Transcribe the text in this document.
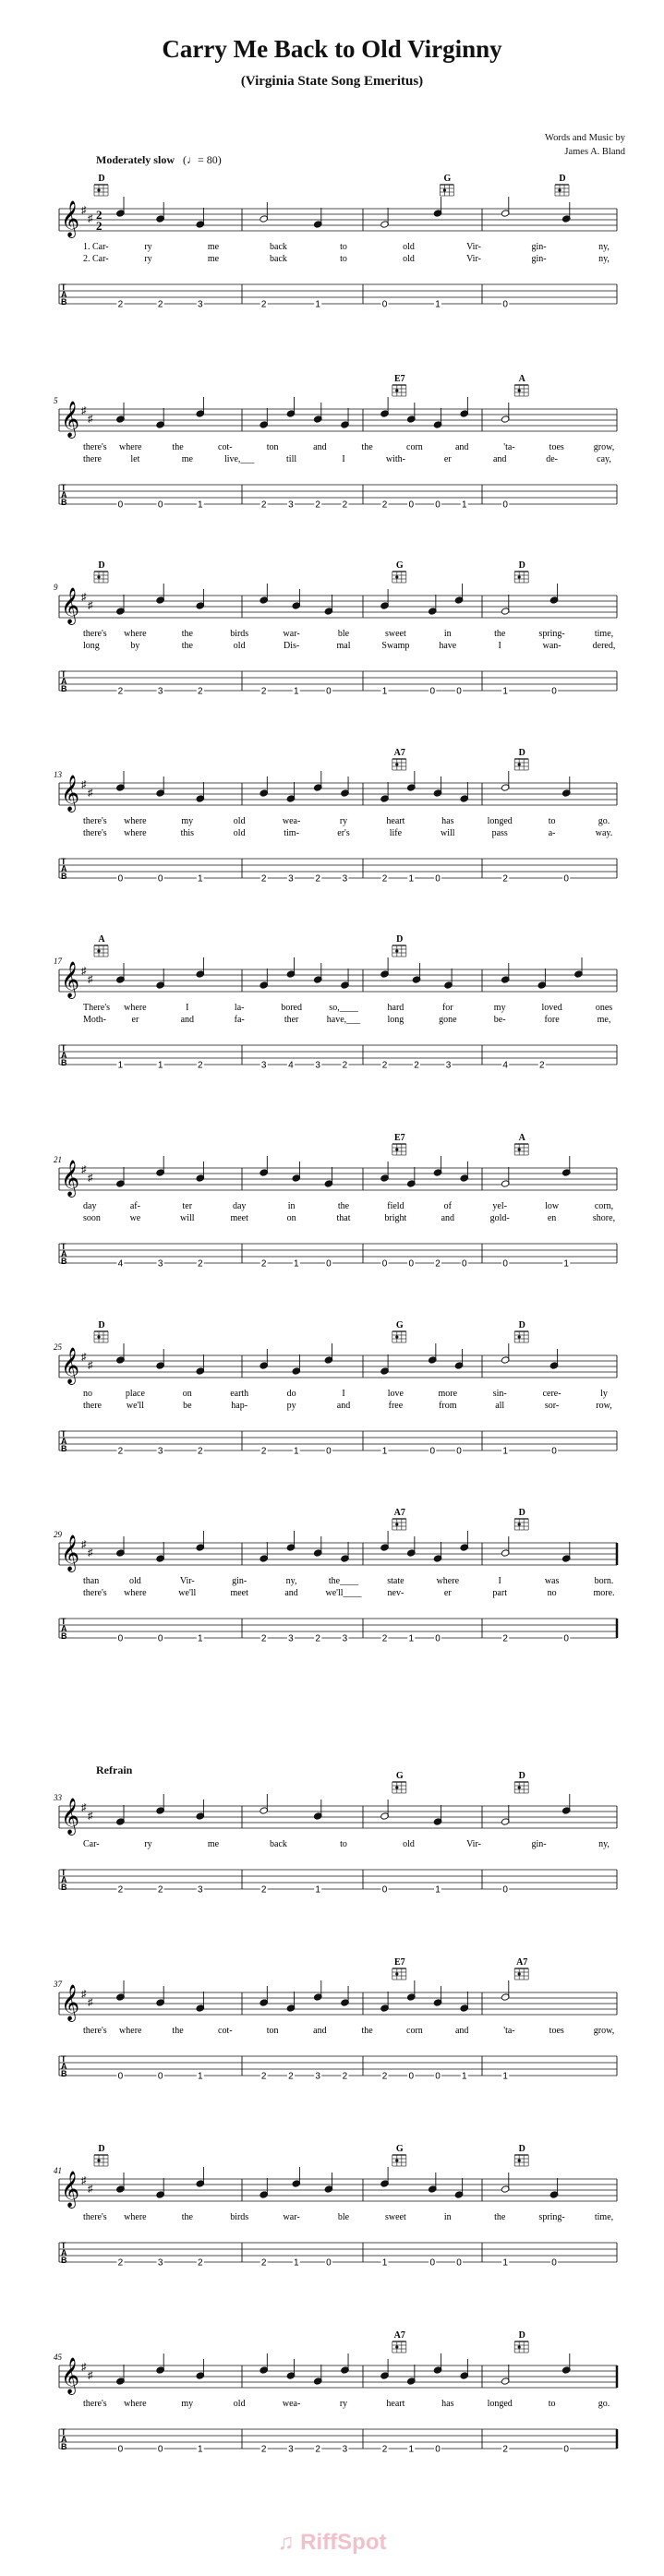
Carry Me Back to Old Virginny
(Virginia State Song Emeritus)
Words and Music by
James A. Bland
Moderately slow (♩= 80)
Refrain
𝄞 ♯
♯ 2
2
D	G	D
1. Car-	ry	me	back	to	old	Vir-	gin-	ny,
2. Car-	ry	me	back	to	old	Vir-	gin-	ny,
T
A
B	2	2	3	2	1	0	1	0
𝄞 ♯
♯
5
E7	A
there's where	the	cot-	ton	and	the	corn	and	'ta-	toes	grow,
there	let	me	live,___	till	I	with-	er	and	de-	cay,
T
A
B	0	0	1	2 3 2 2	2 0 0 1	0
𝄞 ♯
♯
9
D	G	D
there's where	the	birds	war-	ble	sweet	in	the	spring-	time,
long	by	the	old	Dis-	mal	Swamp	have	I	wan-	dered,
T
A
B	2	3	2	2	1	0	1	0 0	1	0
𝄞 ♯
♯
13
A7	D
there's where	my	old	wea-	ry	heart	has	longed	to	go.
there's where	this	old	tim-	er's	life	will	pass	a-	way.
T
A
B	0	0	1	2 3 2 3	2 1 0	2	0
𝄞 ♯
♯
17
A	D
There's where	I	la-	bored	so,____	hard	for	my	loved	ones
Moth-	er	and	fa-	ther	have,___	long	gone	be-	fore	me,
T
A
B	1	1	2	3 4 3 2	2	2	3	4	2
𝄞 ♯
♯
21
E7	A
day	af-	ter	day	in	the	field	of	yel-	low	corn,
soon	we	will	meet	on	that	bright	and	gold-	en	shore,
T
A
B	4	3	2	2	1	0	0 0 2 0	0	1
𝄞 ♯
♯
25
D	G	D
no	place	on	earth	do	I	love	more	sin-	cere-	ly
there	we'll	be	hap-	py	and	free	from	all	sor-	row,
T
A
B	2	3	2	2	1	0	1	0 0	1	0
𝄞 ♯
♯
29
A7	D
than	old	Vir-	gin-	ny,	the____	state	where	I	was	born.
there's where	we'll	meet	and	we'll____	nev-	er	part	no	more.
T
A
B	0	0	1	2 3 2 3	2 1 0	2	0
𝄞 ♯
♯
33
G	D
Car-	ry	me	back	to	old	Vir-	gin-	ny,
T
A
B	2	2	3	2	1	0	1	0
𝄞 ♯
♯
37
E7	A7
there's where	the	cot-	ton	and	the	corn	and	'ta-	toes	grow,
T
A
B	0	0	1	2 2 3 2	2 0 0 1	1
𝄞 ♯
♯
41
D	G	D
there's where	the	birds	war-	ble	sweet	in	the	spring-	time,
T
A
B	2	3	2	2	1	0	1	0 0	1	0
𝄞 ♯
♯
45
A7	D
there's where	my	old	wea-	ry	heart	has	longed	to	go.
T
A
B	0	0	1	2 3 2 3	2 1 0	2	0
♫ RiffSpot
